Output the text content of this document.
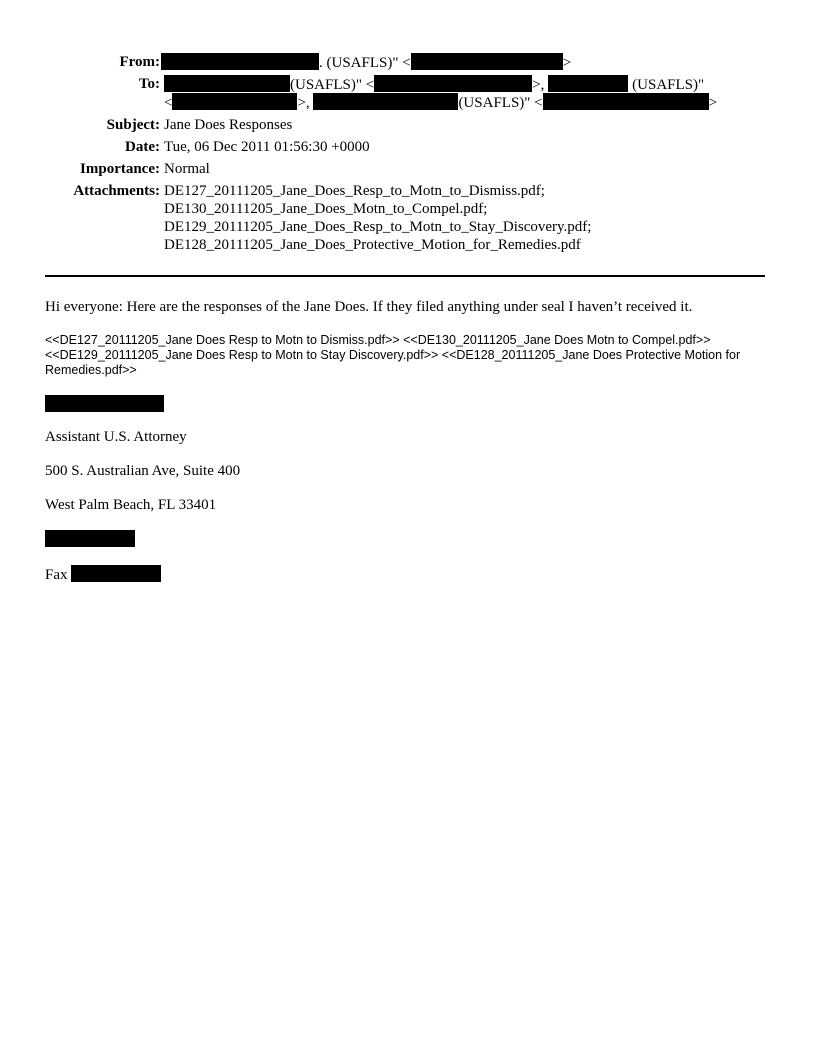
From:	. (USAFLS)" <	>
To:	(USAFLS)" <	>,	(USAFLS)"
<	>,	(USAFLS)" <	>
Subject: Jane Does Responses
Date: Tue, 06 Dec 2011 01:56:30 +0000
Importance: Normal
Attachments: DE127_20111205_Jane_Does_Resp_to_Motn_to_Dismiss.pdf;
DE130_20111205_Jane_Does_Motn_to_Compel.pdf;
DE129_20111205_Jane_Does_Resp_to_Motn_to_Stay_Discovery.pdf;
DE128_20111205_Jane_Does_Protective_Motion_for_Remedies.pdf
Hi everyone: Here are the responses of the Jane Does. If they filed anything under seal I haven’t received it.
<<DE127_20111205_Jane Does Resp to Motn to Dismiss.pdf>> <<DE130_20111205_Jane Does Motn to Compel.pdf>> <<DE129_20111205_Jane Does Resp to Motn to Stay Discovery.pdf>> <<DE128_20111205_Jane Does Protective Motion for Remedies.pdf>>
Assistant U.S. Attorney
500 S. Australian Ave, Suite 400
West Palm Beach, FL 33401
Fax
